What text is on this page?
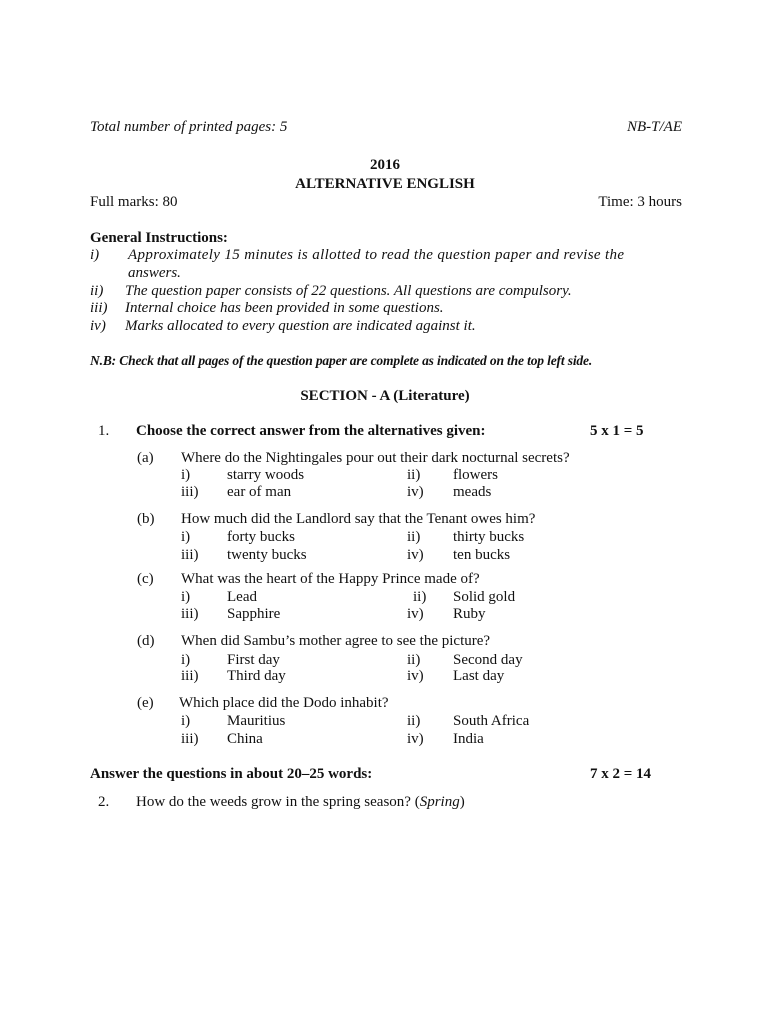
Total number of printed pages: 5	NB-T/AE
2016
ALTERNATIVE ENGLISH
Full marks: 80	Time: 3 hours
General Instructions:
i) Approximately 15 minutes is allotted to read the question paper and revise the
answers.
ii) The question paper consists of 22 questions. All questions are compulsory.
iii) Internal choice has been provided in some questions.
iv) Marks allocated to every question are indicated against it.
N.B: Check that all pages of the question paper are complete as indicated on the top left side.
SECTION - A (Literature)
1. Choose the correct answer from the alternatives given:	5 x 1 = 5
(a) Where do the Nightingales pour out their dark nocturnal secrets?
i) starry woods	ii) flowers
iii) ear of man	iv) meads
(b) How much did the Landlord say that the Tenant owes him?
i) forty bucks	ii) thirty bucks
iii) twenty bucks	iv) ten bucks
(c) What was the heart of the Happy Prince made of?
i) Lead	ii) Solid gold
iii) Sapphire	iv) Ruby
(d) When did Sambu’s mother agree to see the picture?
i) First day	ii) Second day
iii) Third day	iv) Last day
(e) Which place did the Dodo inhabit?
i) Mauritius	ii) South Africa
iii) China	iv) India
Answer the questions in about 20–25 words:	7 x 2 = 14
2. How do the weeds grow in the spring season? (Spring)
